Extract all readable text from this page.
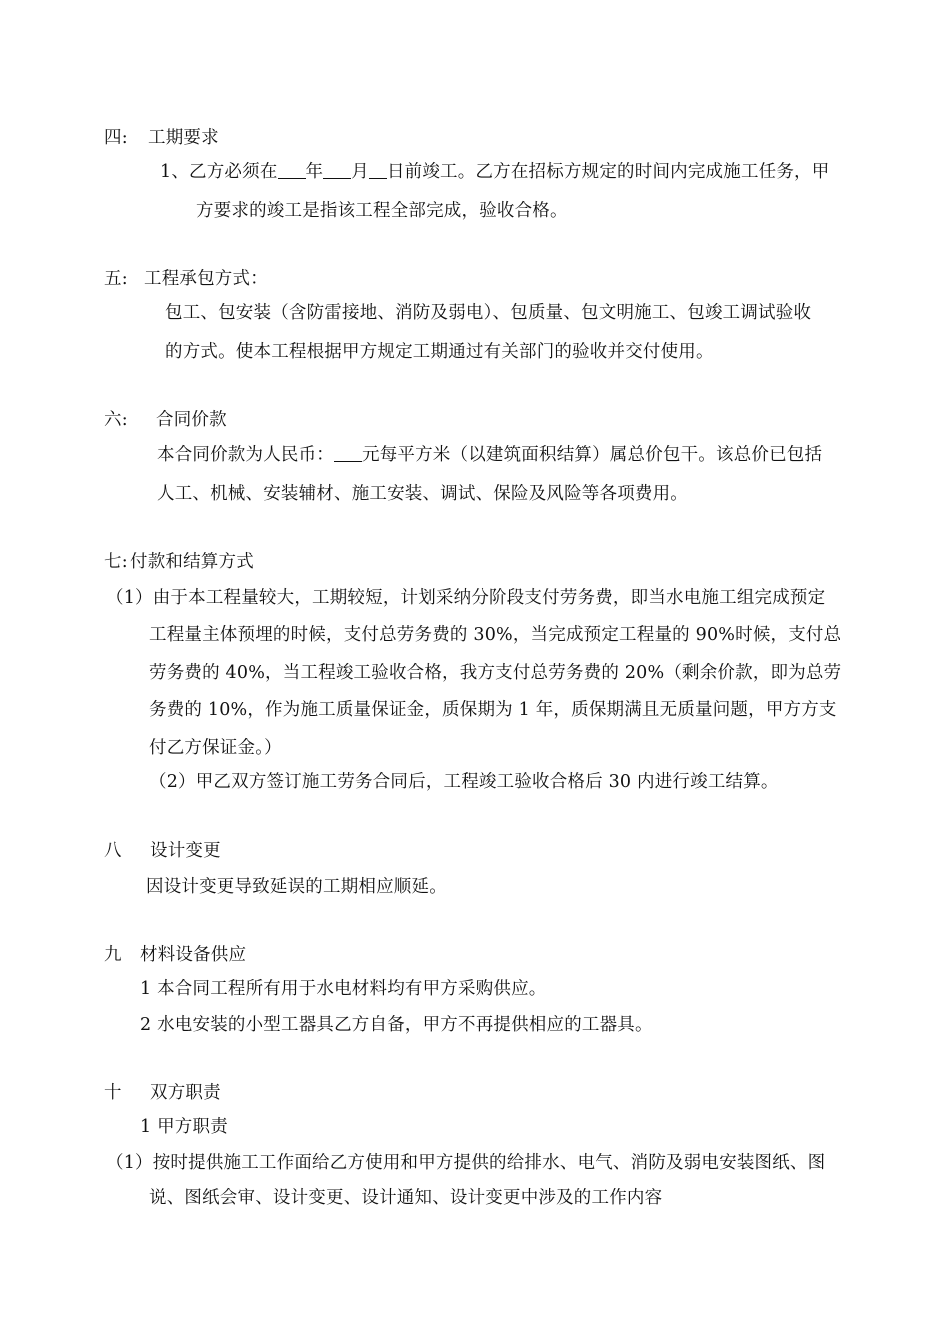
四: 工期要求
1、乙方必须在 年 月 日前竣工。乙方在招标方规定的时间内完成施工任务，甲
方要求的竣工是指该工程全部完成，验收合格。
五: 工程承包方式：
包工、包安装（含防雷接地、消防及弱电）、包质量、包文明施工、包竣工调试验收
的方式。使本工程根据甲方规定工期通过有关部门的验收并交付使用。
六: 合同价款
本合同价款为人民币： 元每平方米（以建筑面积结算）属总价包干。该总价已包括
人工、机械、安装辅材、施工安装、调试、保险及风险等各项费用。
七: 付款和结算方式
（1）由于本工程量较大，工期较短，计划采纳分阶段支付劳务费，即当水电施工组完成预定
工程量主体预埋的时候，支付总劳务费的 30%，当完成预定工程量的 90%时候，支付总
劳务费的 40%，当工程竣工验收合格，我方支付总劳务费的 20%（剩余价款，即为总劳
务费的 10%，作为施工质量保证金，质保期为 1 年，质保期满且无质量问题，甲方方支
付乙方保证金。）
（2）甲乙双方签订施工劳务合同后，工程竣工验收合格后 30 内进行竣工结算。
八 设计变更
因设计变更导致延误的工期相应顺延。
九 材料设备供应
1 本合同工程所有用于水电材料均有甲方采购供应。
2 水电安装的小型工器具乙方自备，甲方不再提供相应的工器具。
十 双方职责
1 甲方职责
（1）按时提供施工工作面给乙方使用和甲方提供的给排水、电气、消防及弱电安装图纸、图
说、图纸会审、设计变更、设计通知、设计变更中涉及的工作内容
